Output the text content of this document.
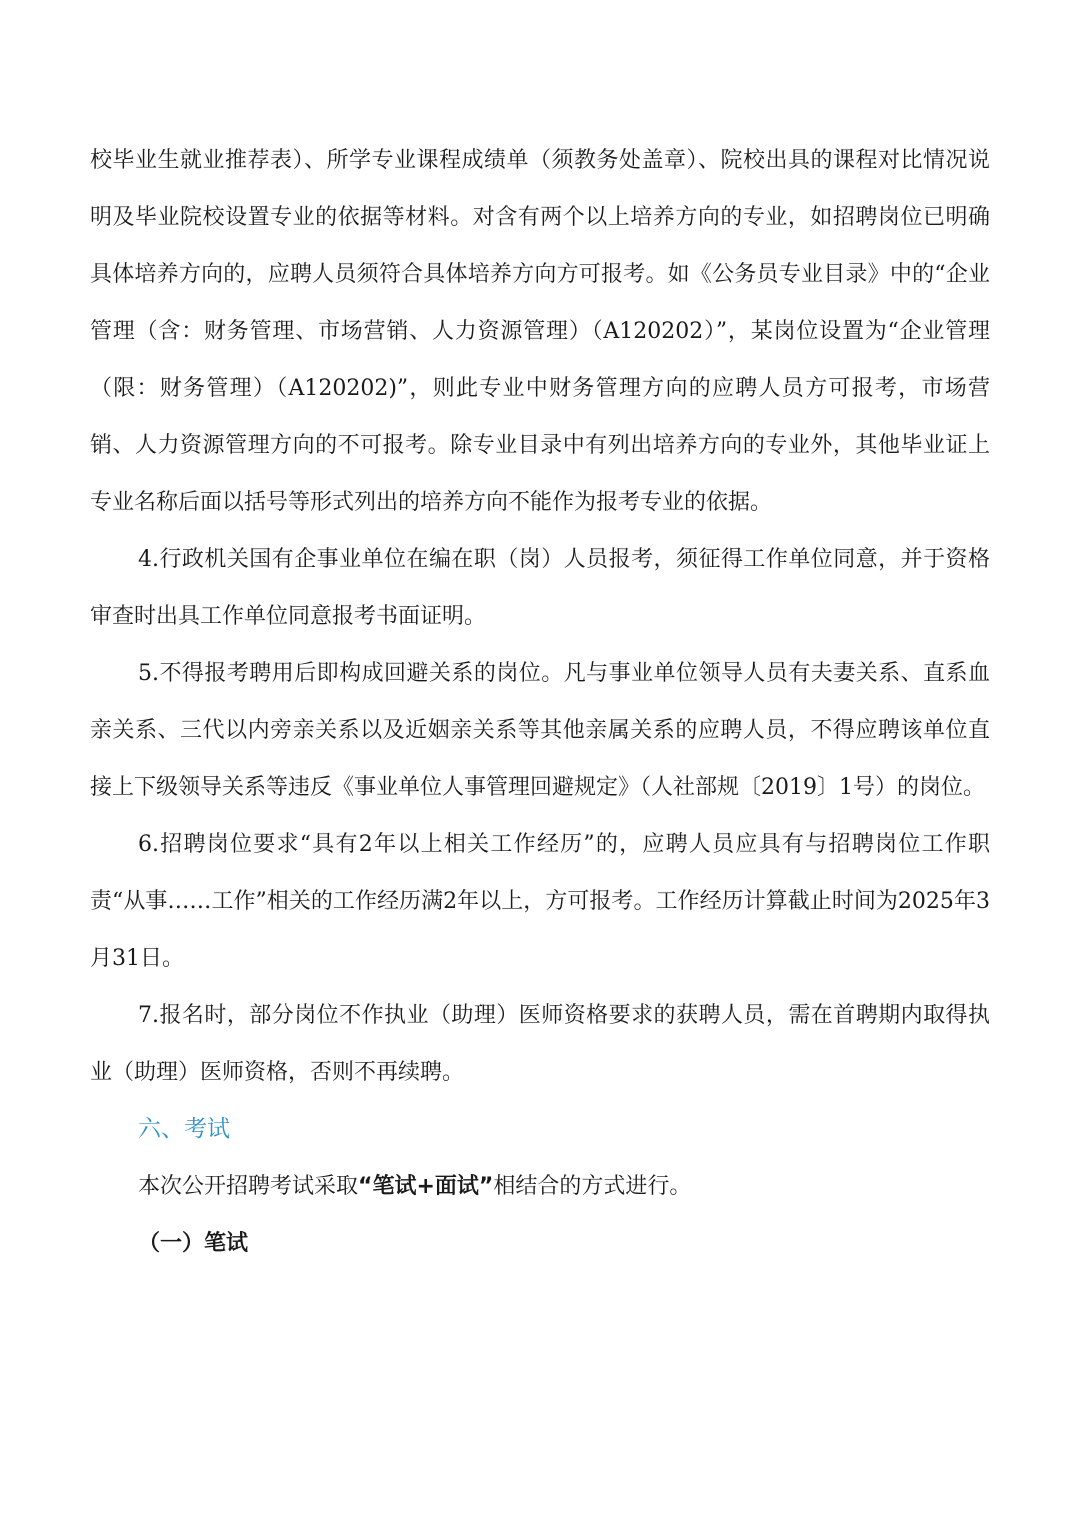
校毕业生就业推荐表）、所学专业课程成绩单（须教务处盖章）、院校出具的课程对比情况说明及毕业院校设置专业的依据等材料。对含有两个以上培养方向的专业，如招聘岗位已明确具体培养方向的，应聘人员须符合具体培养方向方可报考。如《公务员专业目录》中的“企业管理（含：财务管理、市场营销、人力资源管理）（A120202）”，某岗位设置为“企业管理（限：财务管理）（A120202)”，则此专业中财务管理方向的应聘人员方可报考，市场营销、人力资源管理方向的不可报考。除专业目录中有列出培养方向的专业外，其他毕业证上专业名称后面以括号等形式列出的培养方向不能作为报考专业的依据。

4.行政机关国有企事业单位在编在职（岗）人员报考，须征得工作单位同意，并于资格审查时出具工作单位同意报考书面证明。

5.不得报考聘用后即构成回避关系的岗位。凡与事业单位领导人员有夫妻关系、直系血亲关系、三代以内旁亲关系以及近姻亲关系等其他亲属关系的应聘人员，不得应聘该单位直接上下级领导关系等违反《事业单位人事管理回避规定》（人社部规〔2019〕1号）的岗位。

6.招聘岗位要求“具有2年以上相关工作经历”的，应聘人员应具有与招聘岗位工作职责“从事……工作”相关的工作经历满2年以上，方可报考。工作经历计算截止时间为2025年3月31日。

7.报名时，部分岗位不作执业（助理）医师资格要求的获聘人员，需在首聘期内取得执业（助理）医师资格，否则不再续聘。

六、考试

本次公开招聘考试采取“笔试+面试”相结合的方式进行。

（一）笔试
